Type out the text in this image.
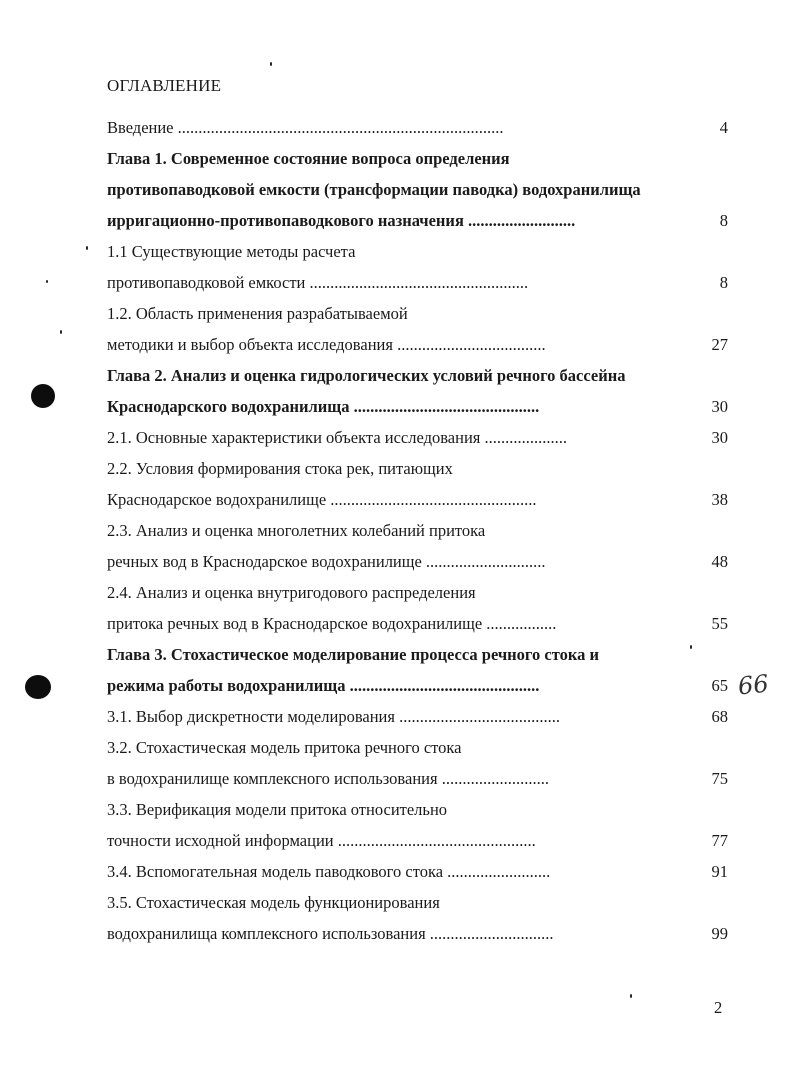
ОГЛАВЛЕНИЕ
Введение ...............................................................................	4
Глава 1. Современное состояние вопроса определения
противопаводковой емкости (трансформации паводка) водохранилища
ирригационно-противопаводкового назначения ..........................	8
1.1 Существующие методы расчета
противопаводковой емкости .....................................................	8
1.2. Область применения разрабатываемой
методики и выбор объекта исследования ....................................	27
Глава 2. Анализ и оценка гидрологических условий речного бассейна
Краснодарского водохранилища .............................................	30
2.1. Основные характеристики объекта исследования ....................	30
2.2. Условия формирования стока рек, питающих
Краснодарское водохранилище ..................................................	38
2.3. Анализ и оценка многолетних колебаний притока
речных вод в Краснодарское водохранилище .............................	48
2.4. Анализ и оценка внутригодового распределения
притока речных вод в Краснодарское водохранилище .................	55
Глава 3. Стохастическое моделирование процесса речного стока и
режима работы водохранилища ..............................................	65
3.1. Выбор дискретности моделирования .......................................	68
3.2. Стохастическая модель притока речного стока
в водохранилище комплексного использования ..........................	75
3.3. Верификация модели притока относительно
точности исходной информации ................................................	77
3.4. Вспомогательная модель паводкового стока .........................	91
3.5. Стохастическая модель функционирования
водохранилища комплексного использования ..............................	99
66
2
